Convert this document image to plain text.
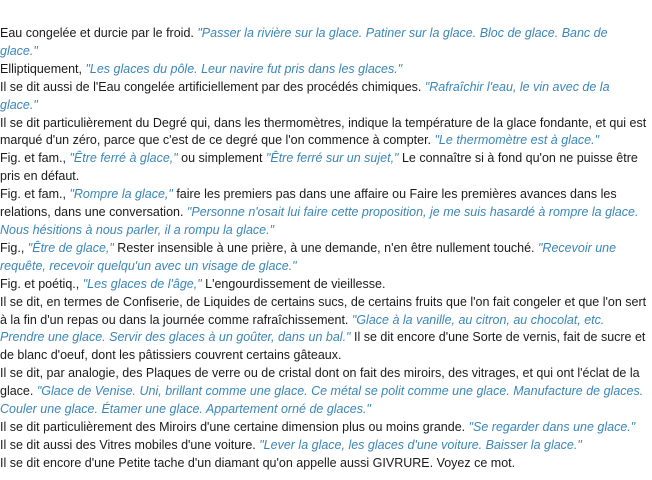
Eau congelée et durcie par le froid. "Passer la rivière sur la glace. Patiner sur la glace. Bloc de glace. Banc de glace."

Elliptiquement, "Les glaces du pôle. Leur navire fut pris dans les glaces."

Il se dit aussi de l'Eau congelée artificiellement par des procédés chimiques. "Rafraîchir l'eau, le vin avec de la glace."

Il se dit particulièrement du Degré qui, dans les thermomètres, indique la température de la glace fondante, et qui est marqué d'un zéro, parce que c'est de ce degré que l'on commence à compter. "Le thermomètre est à glace."

Fig. et fam., "Être ferré à glace," ou simplement "Être ferré sur un sujet," Le connaître si à fond qu'on ne puisse être pris en défaut.

Fig. et fam., "Rompre la glace," faire les premiers pas dans une affaire ou Faire les premières avances dans les relations, dans une conversation. "Personne n'osait lui faire cette proposition, je me suis hasardé à rompre la glace. Nous hésitions à nous parler, il a rompu la glace."

Fig., "Être de glace," Rester insensible à une prière, à une demande, n'en être nullement touché. "Recevoir une requête, recevoir quelqu'un avec un visage de glace."

Fig. et poétiq., "Les glaces de l'âge," L'engourdissement de vieillesse.

Il se dit, en termes de Confiserie, de Liquides de certains sucs, de certains fruits que l'on fait congeler et que l'on sert à la fin d'un repas ou dans la journée comme rafraîchissement. "Glace à la vanille, au citron, au chocolat, etc. Prendre une glace. Servir des glaces à un goûter, dans un bal." Il se dit encore d'une Sorte de vernis, fait de sucre et de blanc d'oeuf, dont les pâtissiers couvrent certains gâteaux.

Il se dit, par analogie, des Plaques de verre ou de cristal dont on fait des miroirs, des vitrages, et qui ont l'éclat de la glace. "Glace de Venise. Uni, brillant comme une glace. Ce métal se polit comme une glace. Manufacture de glaces. Couler une glace. Étamer une glace. Appartement orné de glaces."

Il se dit particulièrement des Miroirs d'une certaine dimension plus ou moins grande. "Se regarder dans une glace."

Il se dit aussi des Vitres mobiles d'une voiture. "Lever la glace, les glaces d'une voiture. Baisser la glace."

Il se dit encore d'une Petite tache d'un diamant qu'on appelle aussi GIVRURE. Voyez ce mot.
